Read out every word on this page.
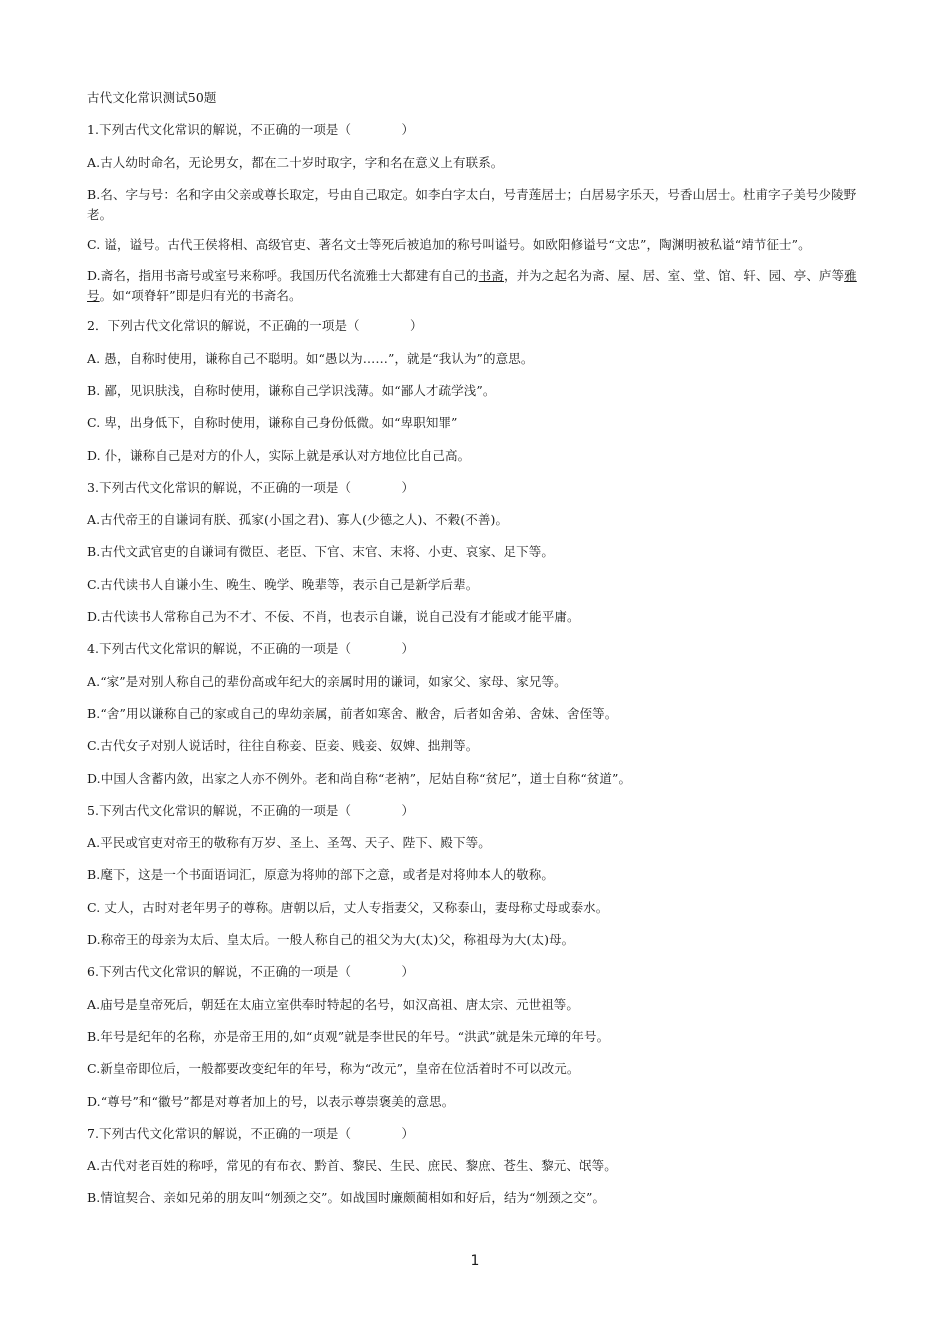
古代文化常识测试50题

1.下列古代文化常识的解说，不正确的一项是（　　　　）

A.古人幼时命名，无论男女，都在二十岁时取字，字和名在意义上有联系。

B.名、字与号：名和字由父亲或尊长取定，号由自己取定。如李白字太白，号青莲居士；白居易字乐天，号香山居士。杜甫字子美号少陵野老。

C. 谥，谥号。古代王侯将相、高级官吏、著名文士等死后被追加的称号叫谥号。如欧阳修谥号“文忠”，陶渊明被私谥“靖节征士”。

D.斋名，指用书斋号或室号来称呼。我国历代名流雅士大都建有自己的书斋，并为之起名为斋、屋、居、室、堂、馆、轩、园、亭、庐等雅号。如“项脊轩”即是归有光的书斋名。

2．下列古代文化常识的解说，不正确的一项是（　　　　）

A. 愚，自称时使用，谦称自己不聪明。如“愚以为……”，就是“我认为”的意思。

B. 鄙，见识肤浅，自称时使用，谦称自己学识浅薄。如“鄙人才疏学浅”。

C. 卑，出身低下，自称时使用，谦称自己身份低微。如“卑职知罪”

D. 仆，谦称自己是对方的仆人，实际上就是承认对方地位比自己高。

3.下列古代文化常识的解说，不正确的一项是（　　　　）

A.古代帝王的自谦词有朕、孤家(小国之君)、寡人(少德之人)、不穀(不善)。

B.古代文武官吏的自谦词有微臣、老臣、下官、末官、末将、小吏、哀家、足下等。

C.古代读书人自谦小生、晚生、晚学、晚辈等，表示自己是新学后辈。

D.古代读书人常称自己为不才、不佞、不肖，也表示自谦，说自己没有才能或才能平庸。

4.下列古代文化常识的解说，不正确的一项是（　　　　）

A.“家”是对别人称自己的辈份高或年纪大的亲属时用的谦词，如家父、家母、家兄等。

B.“舍”用以谦称自己的家或自己的卑幼亲属，前者如寒舍、敝舍，后者如舍弟、舍妹、舍侄等。

C.古代女子对别人说话时，往往自称妾、臣妾、贱妾、奴婢、拙荆等。

D.中国人含蓄内敛，出家之人亦不例外。老和尚自称“老衲”，尼姑自称“贫尼”，道士自称“贫道”。

5.下列古代文化常识的解说，不正确的一项是（　　　　）

A.平民或官吏对帝王的敬称有万岁、圣上、圣驾、天子、陛下、殿下等。

B.麾下，这是一个书面语词汇，原意为将帅的部下之意，或者是对将帅本人的敬称。

C. 丈人，古时对老年男子的尊称。唐朝以后，丈人专指妻父，又称泰山，妻母称丈母或泰水。

D.称帝王的母亲为太后、皇太后。一般人称自己的祖父为大(太)父，称祖母为大(太)母。

6.下列古代文化常识的解说，不正确的一项是（　　　　）

A.庙号是皇帝死后，朝廷在太庙立室供奉时特起的名号，如汉高祖、唐太宗、元世祖等。

B.年号是纪年的名称，亦是帝王用的,如“贞观”就是李世民的年号。“洪武”就是朱元璋的年号。

C.新皇帝即位后，一般都要改变纪年的年号，称为“改元”，皇帝在位活着时不可以改元。

D.“尊号”和“徽号”都是对尊者加上的号，以表示尊崇褒美的意思。

7.下列古代文化常识的解说，不正确的一项是（　　　　）

A.古代对老百姓的称呼，常见的有布衣、黔首、黎民、生民、庶民、黎庶、苍生、黎元、氓等。

B.情谊契合、亲如兄弟的朋友叫“刎颈之交”。如战国时廉颇蔺相如和好后，结为“刎颈之交”。

1
